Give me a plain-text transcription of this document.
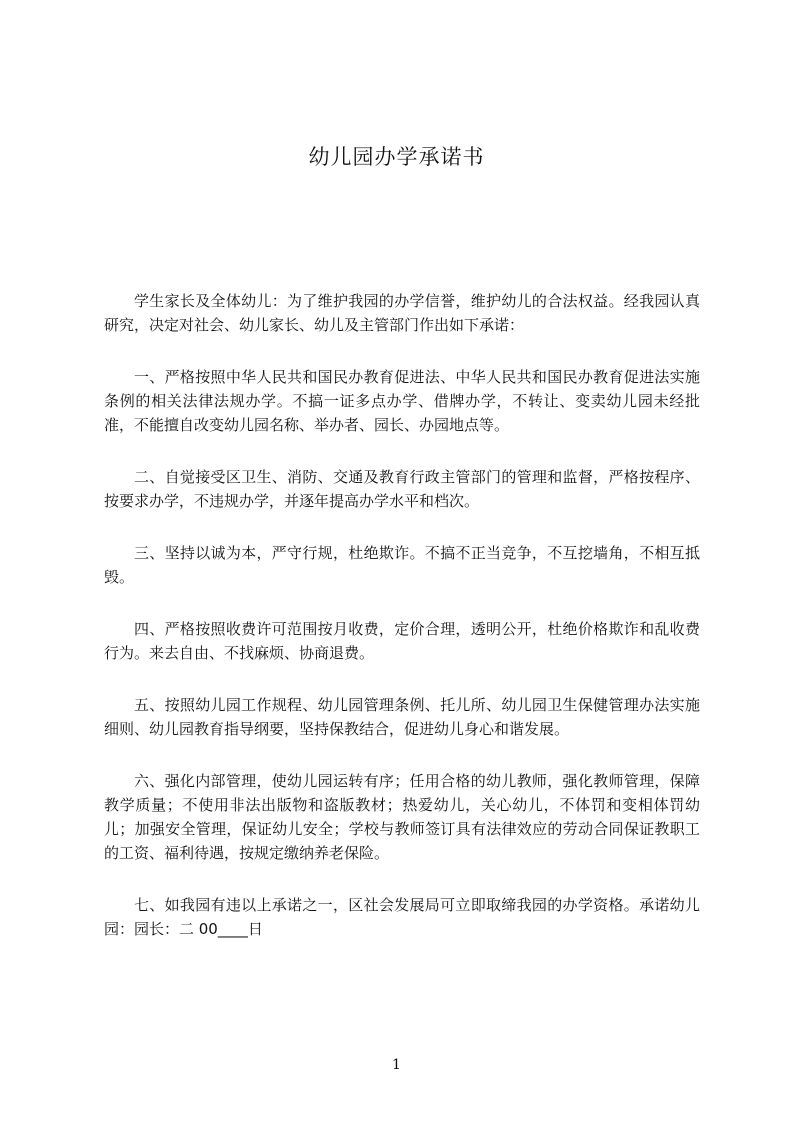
幼儿园办学承诺书

学生家长及全体幼儿：为了维护我园的办学信誉，维护幼儿的合法权益。经我园认真研究，决定对社会、幼儿家长、幼儿及主管部门作出如下承诺：

一、严格按照中华人民共和国民办教育促进法、中华人民共和国民办教育促进法实施条例的相关法律法规办学。不搞一证多点办学、借牌办学，不转让、变卖幼儿园未经批准，不能擅自改变幼儿园名称、举办者、园长、办园地点等。

二、自觉接受区卫生、消防、交通及教育行政主管部门的管理和监督，严格按程序、按要求办学，不违规办学，并逐年提高办学水平和档次。

三、坚持以诚为本，严守行规，杜绝欺诈。不搞不正当竞争，不互挖墙角，不相互抵毁。

四、严格按照收费许可范围按月收费，定价合理，透明公开，杜绝价格欺诈和乱收费行为。来去自由、不找麻烦、协商退费。

五、按照幼儿园工作规程、幼儿园管理条例、托儿所、幼儿园卫生保健管理办法实施细则、幼儿园教育指导纲要，坚持保教结合，促进幼儿身心和谐发展。

六、强化内部管理，使幼儿园运转有序；任用合格的幼儿教师，强化教师管理，保障教学质量；不使用非法出版物和盗版教材；热爱幼儿，关心幼儿，不体罚和变相体罚幼儿；加强安全管理，保证幼儿安全；学校与教师签订具有法律效应的劳动合同保证教职工的工资、福利待遇，按规定缴纳养老保险。

七、如我园有违以上承诺之一，区社会发展局可立即取缔我园的办学资格。承诺幼儿园：园长：二 00____日

1
